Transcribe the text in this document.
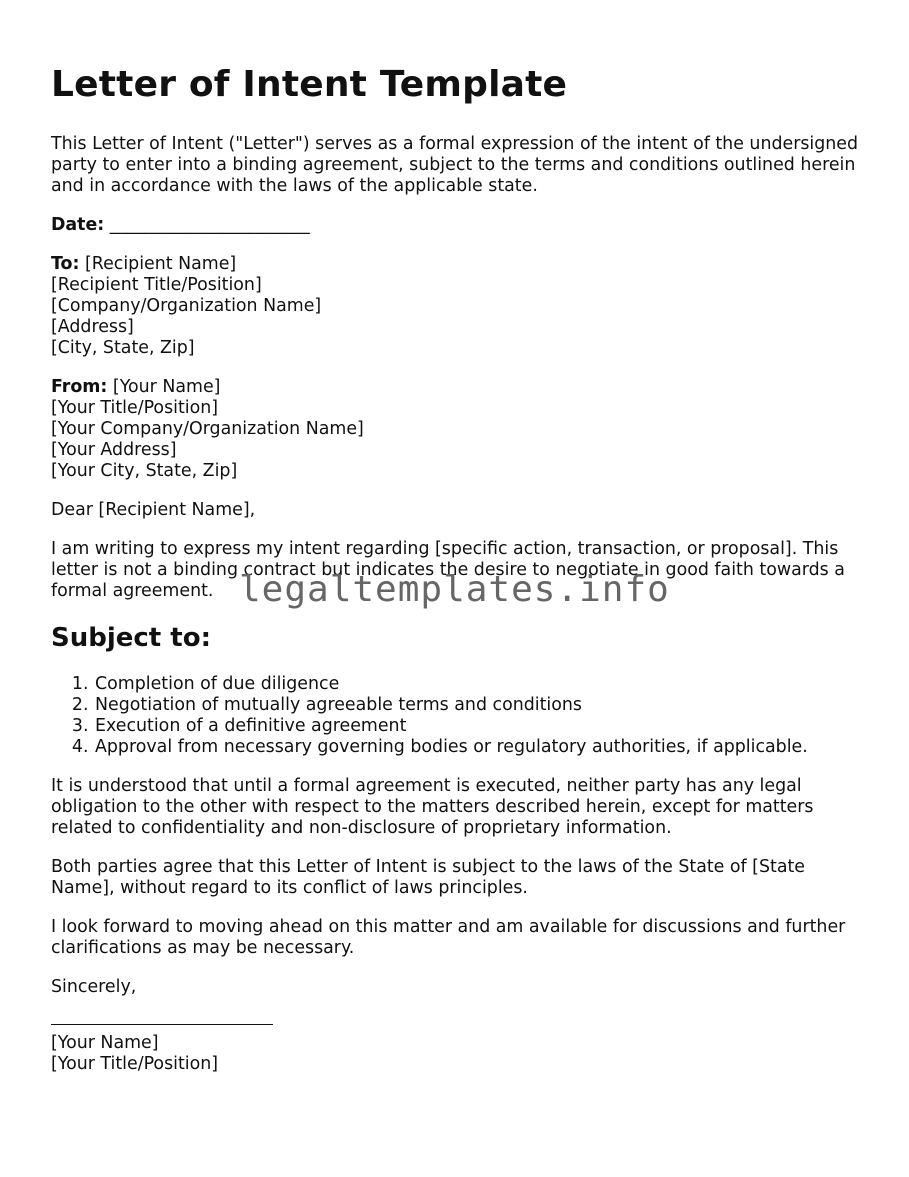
Letter of Intent Template

This Letter of Intent ("Letter") serves as a formal expression of the intent of the undersigned party to enter into a binding agreement, subject to the terms and conditions outlined herein and in accordance with the laws of the applicable state.

Date: _______________________
To: [Recipient Name]
[Recipient Title/Position]
[Company/Organization Name]
[Address]
[City, State, Zip]
From: [Your Name]
[Your Title/Position]
[Your Company/Organization Name]
[Your Address]
[Your City, State, Zip]

Dear [Recipient Name],

I am writing to express my intent regarding [specific action, transaction, or proposal]. This letter is not a binding contract but indicates the desire to negotiate in good faith towards a formal agreement.

Subject to:
1. Completion of due diligence
2. Negotiation of mutually agreeable terms and conditions
3. Execution of a definitive agreement
4. Approval from necessary governing bodies or regulatory authorities, if applicable.

It is understood that until a formal agreement is executed, neither party has any legal obligation to the other with respect to the matters described herein, except for matters related to confidentiality and non-disclosure of proprietary information.

Both parties agree that this Letter of Intent is subject to the laws of the State of [State Name], without regard to its conflict of laws principles.

I look forward to moving ahead on this matter and am available for discussions and further clarifications as may be necessary.

Sincerely,

[Your Name]
[Your Title/Position]
legaltemplates.info
